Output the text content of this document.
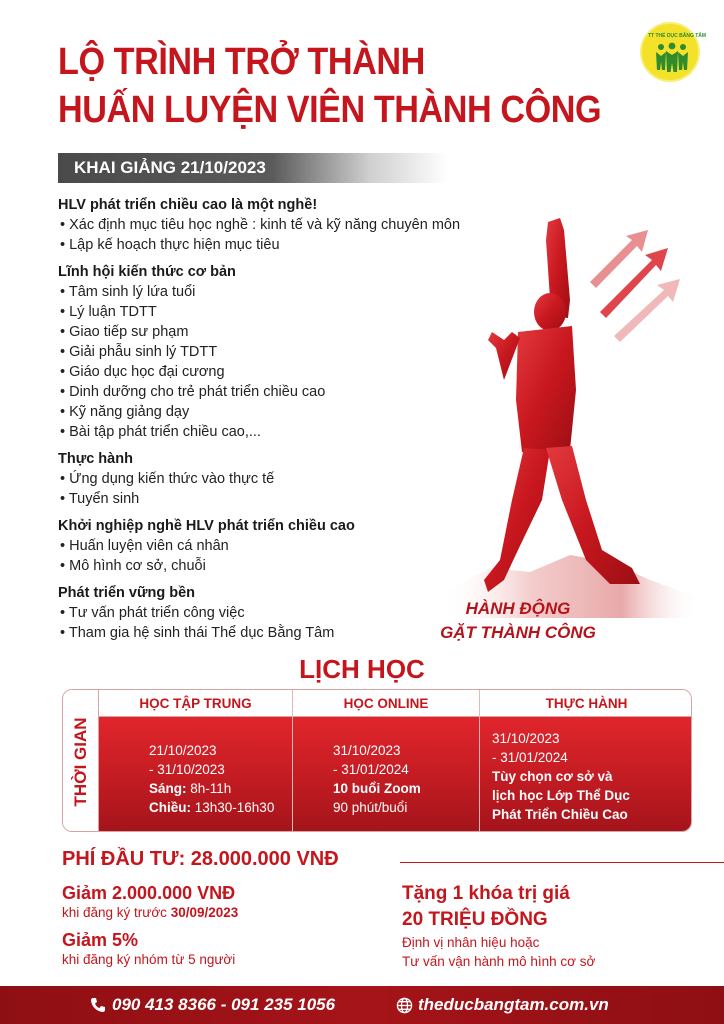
LỘ TRÌNH TRỞ THÀNH
HUẤN LUYỆN VIÊN THÀNH CÔNG
TT THỂ DỤC BẰNG TÂM
KHAI GIẢNG 21/10/2023
HLV phát triển chiều cao là một nghề!
• Xác định mục tiêu học nghề : kinh tế và kỹ năng chuyên môn
• Lập kế hoạch thực hiện mục tiêu
Lĩnh hội kiến thức cơ bản
• Tâm sinh lý lứa tuổi
• Lý luận TDTT
• Giao tiếp sư phạm
• Giải phẫu sinh lý TDTT
• Giáo dục học đại cương
• Dinh dưỡng cho trẻ phát triển chiều cao
• Kỹ năng giảng dạy
• Bài tập phát triển chiều cao,...
Thực hành
• Ứng dụng kiến thức vào thực tế
• Tuyển sinh
Khởi nghiệp nghề HLV phát triển chiều cao
• Huấn luyện viên cá nhân
• Mô hình cơ sở, chuỗi
Phát triển vững bền
• Tư vấn phát triển công việc
• Tham gia hệ sinh thái Thể dục Bằng Tâm
HÀNH ĐỘNG
GẶT THÀNH CÔNG
LỊCH HỌC
THỜI GIAN
HỌC TẬP TRUNG
21/10/2023
- 31/10/2023
Sáng: 8h-11h
Chiều: 13h30-16h30
HỌC ONLINE
31/10/2023
- 31/01/2024
10 buổi Zoom
90 phút/buổi
THỰC HÀNH
31/10/2023
- 31/01/2024
Tùy chọn cơ sở và
lịch học Lớp Thể Dục
Phát Triển Chiều Cao
PHÍ ĐẦU TƯ: 28.000.000 VNĐ
Giảm 2.000.000 VNĐ
khi đăng ký trước 30/09/2023
Giảm 5%
khi đăng ký nhóm từ 5 người
Tặng 1 khóa trị giá
20 TRIỆU ĐỒNG
Định vị nhân hiệu hoặc
Tư vấn vận hành mô hình cơ sở
090 413 8366 - 091 235 1056	theducbangtam.com.vn
